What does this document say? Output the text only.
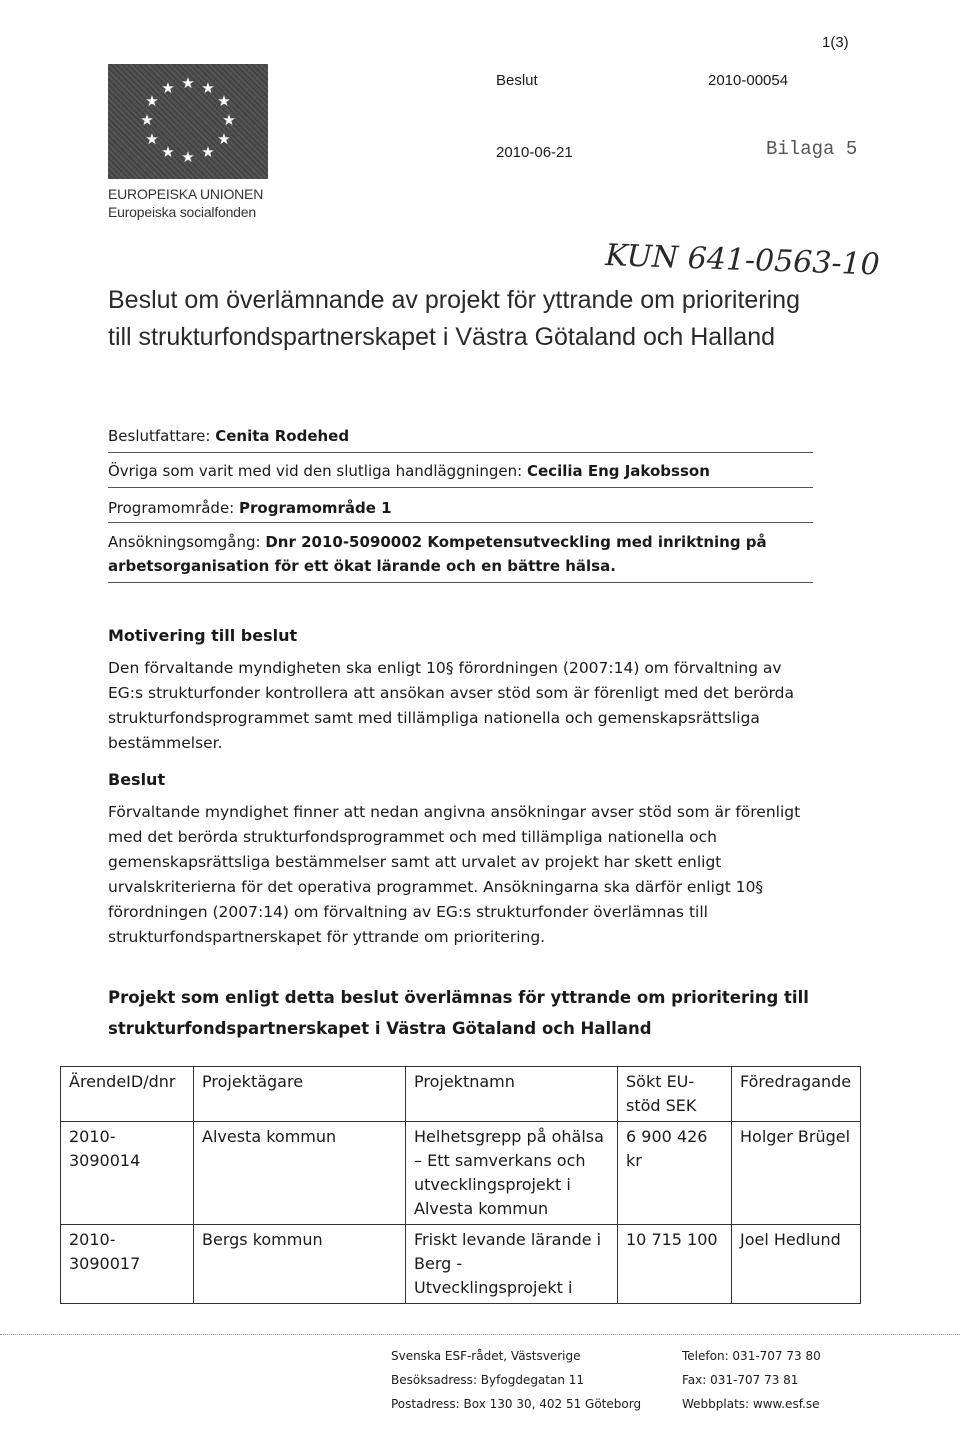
1(3)
★ ★
★
★
★
★
★
★
★
★
★
★
EUROPEISKA UNIONEN
Europeiska socialfonden
Beslut	2010-00054
2010-06-21	Bilaga 5
KUN 641-0563-10
Beslut om överlämnande av projekt för yttrande om prioritering till strukturfondspartnerskapet i Västra Götaland och Halland
Beslutfattare: Cenita Rodehed
Övriga som varit med vid den slutliga handläggningen: Cecilia Eng Jakobsson
Programområde: Programområde 1
Ansökningsomgång: Dnr 2010-5090002 Kompetensutveckling med inriktning på arbetsorganisation för ett ökat lärande och en bättre hälsa.
Motivering till beslut
Den förvaltande myndigheten ska enligt 10§ förordningen (2007:14) om förvaltning av EG:s strukturfonder kontrollera att ansökan avser stöd som är förenligt med det berörda strukturfondsprogrammet samt med tillämpliga nationella och gemenskapsrättsliga bestämmelser.
Beslut
Förvaltande myndighet finner att nedan angivna ansökningar avser stöd som är förenligt med det berörda strukturfondsprogrammet och med tillämpliga nationella och gemenskapsrättsliga bestämmelser samt att urvalet av projekt har skett enligt urvalskriterierna för det operativa programmet. Ansökningarna ska därför enligt 10§ förordningen (2007:14) om förvaltning av EG:s strukturfonder överlämnas till strukturfondspartnerskapet för yttrande om prioritering.
Projekt som enligt detta beslut överlämnas för yttrande om prioritering till strukturfondspartnerskapet i Västra Götaland och Halland
ÄrendeID/dnr	Projektägare	Projektnamn	Sökt EU-stöd SEK	Föredragande
2010-3090014	Alvesta kommun	Helhetsgrepp på ohälsa – Ett samverkans och utvecklingsprojekt i Alvesta kommun	6 900 426 kr	Holger Brügel
2010-3090017	Bergs kommun	Friskt levande lärande i Berg - Utvecklingsprojekt i	10 715 100	Joel Hedlund
Svenska ESF-rådet, Västsverige
Besöksadress: Byfogdegatan 11
Postadress: Box 130 30, 402 51 Göteborg
Telefon: 031-707 73 80
Fax: 031-707 73 81
Webbplats: www.esf.se
